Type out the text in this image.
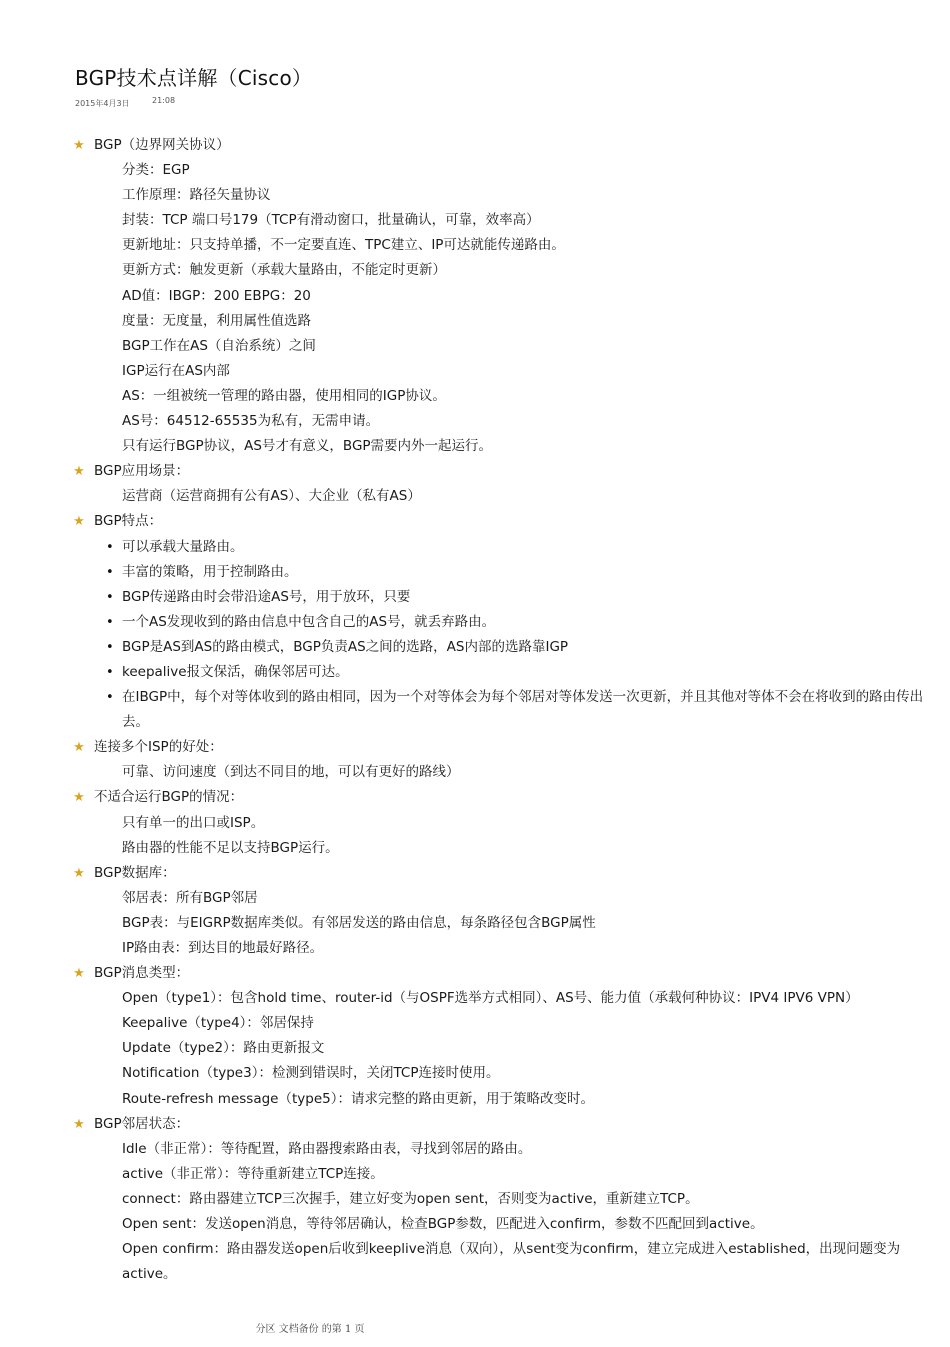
BGP技术点详解（Cisco）
2015年4月3日	21:08
★ BGP（边界网关协议）
分类：EGP
工作原理：路径矢量协议
封装：TCP 端口号179（TCP有滑动窗口，批量确认，可靠，效率高）
更新地址：只支持单播，不一定要直连、TPC建立、IP可达就能传递路由。
更新方式：触发更新（承载大量路由，不能定时更新）
AD值：IBGP：200 EBPG：20
度量：无度量，利用属性值选路
BGP工作在AS（自治系统）之间
IGP运行在AS内部
AS：一组被统一管理的路由器，使用相同的IGP协议。
AS号：64512-65535为私有，无需申请。
只有运行BGP协议，AS号才有意义，BGP需要内外一起运行。
★ BGP应用场景：
运营商（运营商拥有公有AS）、大企业（私有AS）
★ BGP特点：
• 可以承载大量路由。
• 丰富的策略，用于控制路由。
• BGP传递路由时会带沿途AS号，用于放环，只要
• 一个AS发现收到的路由信息中包含自己的AS号，就丢弃路由。
• BGP是AS到AS的路由模式，BGP负责AS之间的选路，AS内部的选路靠IGP
• keepalive报文保活，确保邻居可达。
• 在IBGP中，每个对等体收到的路由相同，因为一个对等体会为每个邻居对等体发送一次更新，并且其他对等体不会在将收到的路由传出去。
★ 连接多个ISP的好处：
可靠、访问速度（到达不同目的地，可以有更好的路线）
★ 不适合运行BGP的情况：
只有单一的出口或ISP。
路由器的性能不足以支持BGP运行。
★ BGP数据库：
邻居表：所有BGP邻居
BGP表：与EIGRP数据库类似。有邻居发送的路由信息，每条路径包含BGP属性
IP路由表：到达目的地最好路径。
★ BGP消息类型：
Open（type1）：包含hold time、router-id（与OSPF选举方式相同）、AS号、能力值（承载何种协议：IPV4 IPV6 VPN）
Keepalive（type4）：邻居保持
Update（type2）：路由更新报文
Notification（type3）：检测到错误时，关闭TCP连接时使用。
Route-refresh message（type5）：请求完整的路由更新，用于策略改变时。
★ BGP邻居状态：
Idle（非正常）：等待配置，路由器搜索路由表，寻找到邻居的路由。
active（非正常）：等待重新建立TCP连接。
connect：路由器建立TCP三次握手，建立好变为open sent，否则变为active，重新建立TCP。
Open sent：发送open消息，等待邻居确认，检查BGP参数，匹配进入confirm，参数不匹配回到active。
Open confirm：路由器发送open后收到keeplive消息（双向），从sent变为confirm，建立完成进入established，出现问题变为active。
分区 文档备份 的第 1 页
